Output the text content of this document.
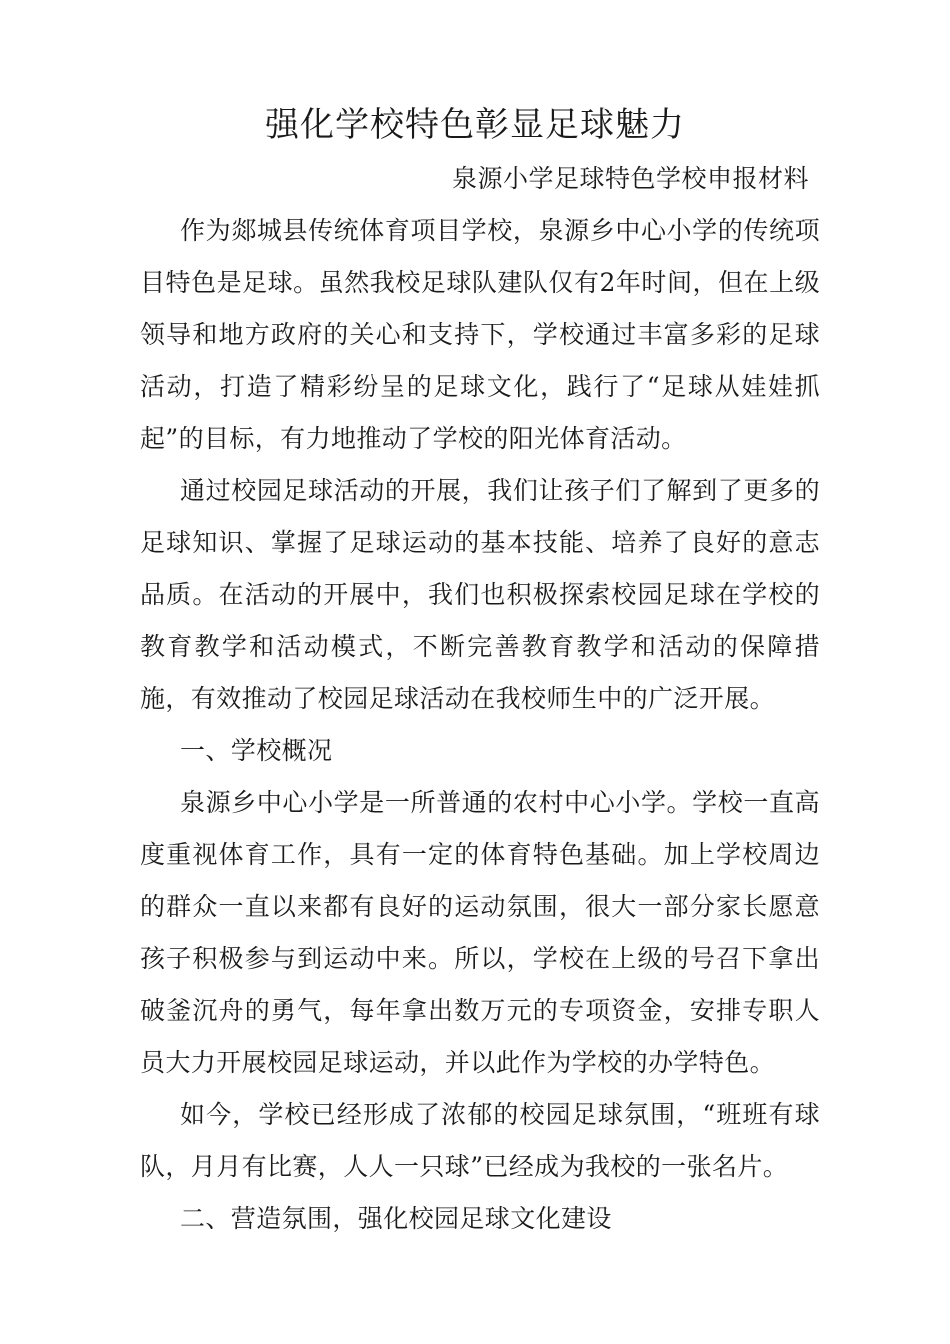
强化学校特色彰显足球魅力

泉源小学足球特色学校申报材料

作为郯城县传统体育项目学校，泉源乡中心小学的传统项目特色是足球。虽然我校足球队建队仅有2年时间，但在上级领导和地方政府的关心和支持下，学校通过丰富多彩的足球活动，打造了精彩纷呈的足球文化，践行了“足球从娃娃抓起”的目标，有力地推动了学校的阳光体育活动。

通过校园足球活动的开展，我们让孩子们了解到了更多的足球知识、掌握了足球运动的基本技能、培养了良好的意志品质。在活动的开展中，我们也积极探索校园足球在学校的教育教学和活动模式，不断完善教育教学和活动的保障措施，有效推动了校园足球活动在我校师生中的广泛开展。

一、学校概况

泉源乡中心小学是一所普通的农村中心小学。学校一直高度重视体育工作，具有一定的体育特色基础。加上学校周边的群众一直以来都有良好的运动氛围，很大一部分家长愿意孩子积极参与到运动中来。所以，学校在上级的号召下拿出破釜沉舟的勇气，每年拿出数万元的专项资金，安排专职人员大力开展校园足球运动，并以此作为学校的办学特色。

如今，学校已经形成了浓郁的校园足球氛围，“班班有球队，月月有比赛，人人一只球”已经成为我校的一张名片。

二、营造氛围，强化校园足球文化建设
